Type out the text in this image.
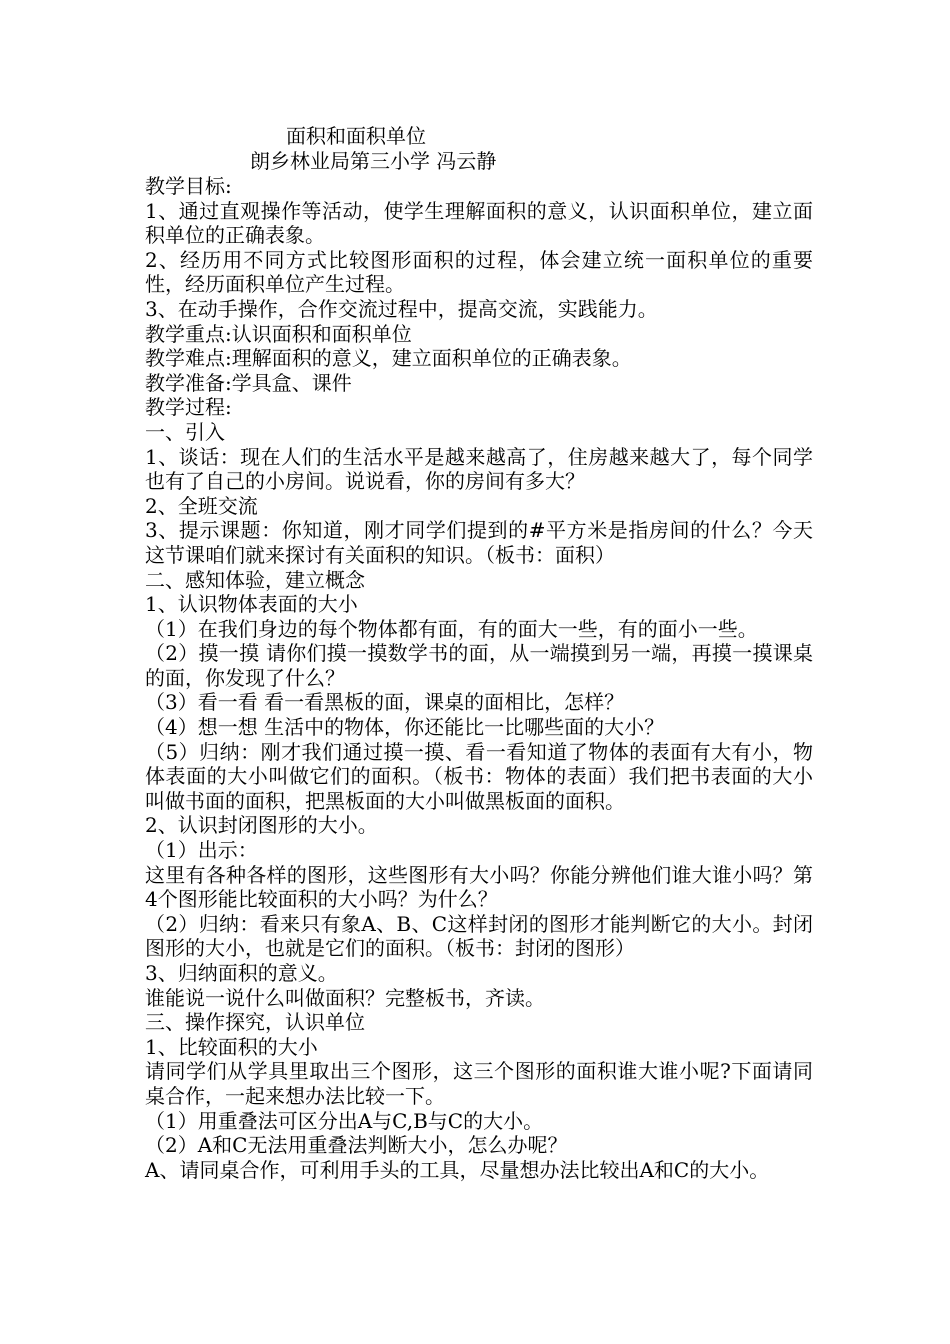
面积和面积单位
朗乡林业局第三小学 冯云静

教学目标:

1、通过直观操作等活动，使学生理解面积的意义，认识面积单位，建立面积单位的正确表象。

2、经历用不同方式比较图形面积的过程，体会建立统一面积单位的重要性，经历面积单位产生过程。

3、在动手操作，合作交流过程中，提高交流，实践能力。

教学重点:认识面积和面积单位

教学难点:理解面积的意义，建立面积单位的正确表象。

教学准备:学具盒、课件

教学过程:

一、引入

1、谈话：现在人们的生活水平是越来越高了，住房越来越大了，每个同学也有了自己的小房间。说说看，你的房间有多大？

2、全班交流

3、提示课题：你知道，刚才同学们提到的#平方米是指房间的什么？今天这节课咱们就来探讨有关面积的知识。（板书：面积）

二、感知体验，建立概念

1、认识物体表面的大小

（1）在我们身边的每个物体都有面，有的面大一些，有的面小一些。

（2）摸一摸 请你们摸一摸数学书的面，从一端摸到另一端，再摸一摸课桌的面，你发现了什么？

（3）看一看 看一看黑板的面，课桌的面相比，怎样？

（4）想一想 生活中的物体，你还能比一比哪些面的大小？

（5）归纳：刚才我们通过摸一摸、看一看知道了物体的表面有大有小，物体表面的大小叫做它们的面积。（板书：物体的表面）我们把书表面的大小叫做书面的面积，把黑板面的大小叫做黑板面的面积。

2、认识封闭图形的大小。

（1）出示：

这里有各种各样的图形，这些图形有大小吗？你能分辨他们谁大谁小吗？第4个图形能比较面积的大小吗？为什么？

（2）归纳：看来只有象A、B、C这样封闭的图形才能判断它的大小。封闭图形的大小，也就是它们的面积。（板书：封闭的图形）

3、归纳面积的意义。

谁能说一说什么叫做面积？完整板书，齐读。

三、操作探究，认识单位

1、比较面积的大小

请同学们从学具里取出三个图形，这三个图形的面积谁大谁小呢?下面请同桌合作，一起来想办法比较一下。

（1）用重叠法可区分出A与C,B与C的大小。

（2）A和C无法用重叠法判断大小，怎么办呢？

A、请同桌合作，可利用手头的工具，尽量想办法比较出A和C的大小。
